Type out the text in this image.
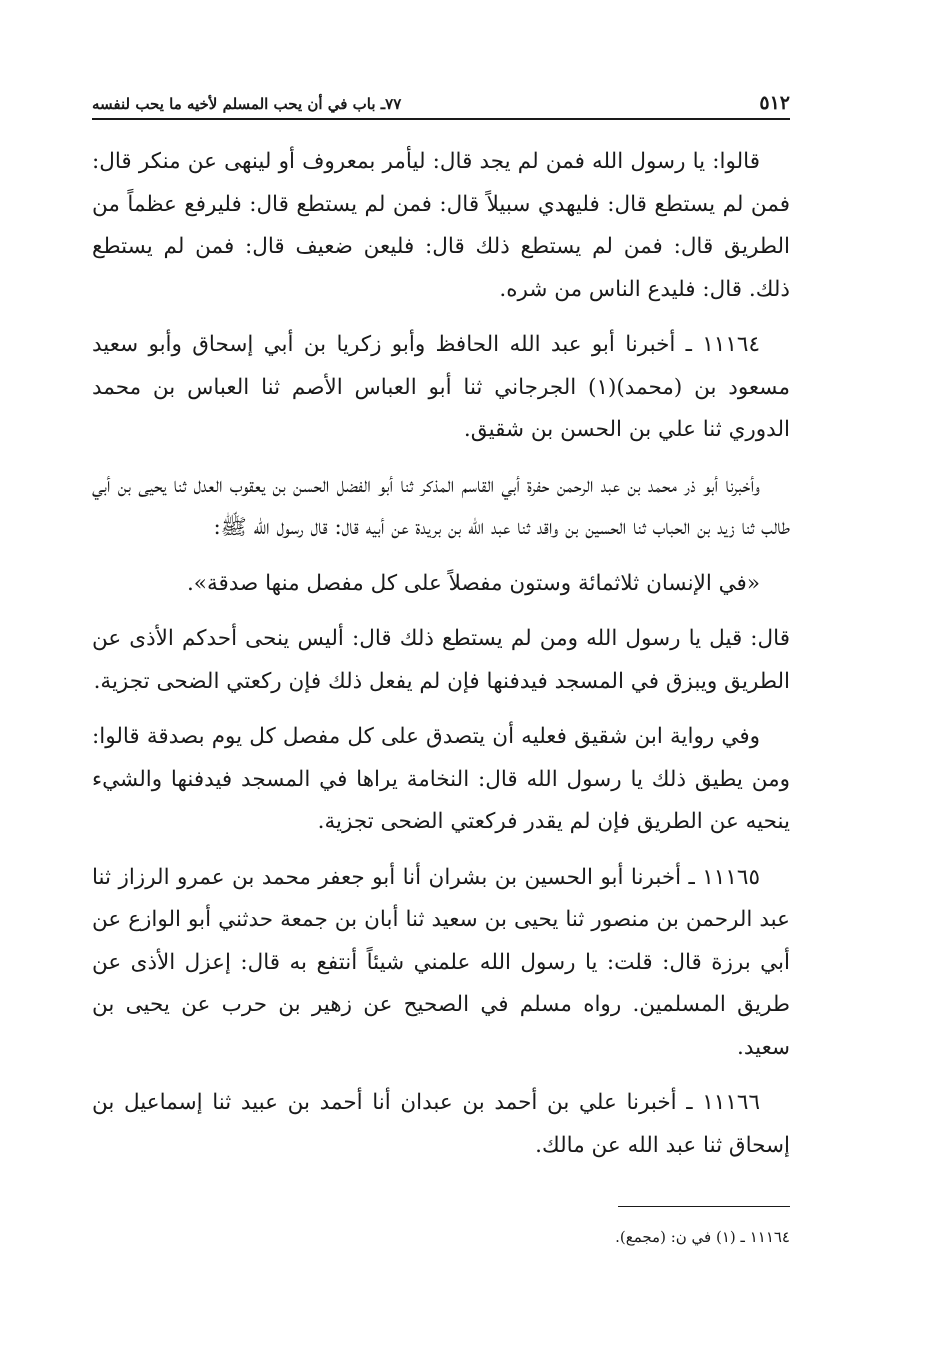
٥١٢
٧٧ـ باب في أن يحب المسلم لأخيه ما يحب لنفسه

قالوا: يا رسول الله فمن لم يجد قال: ليأمر بمعروف أو لينهى عن منكر قال: فمن لم يستطع قال: فليهدي سبيلاً قال: فمن لم يستطع قال: فليرفع عظماً من الطريق قال: فمن لم يستطع ذلك قال: فليعن ضعيف قال: فمن لم يستطع ذلك. قال: فليدع الناس من شره.

١١١٦٤ ـ أخبرنا أبو عبد الله الحافظ وأبو زكريا بن أبي إسحاق وأبو سعيد مسعود بن (محمد)(١) الجرجاني ثنا أبو العباس الأصم ثنا العباس بن محمد الدوري ثنا علي بن الحسن بن شقيق.

وأخبرنا أبو ذر محمد بن عبد الرحمن حفرة أبي القاسم المذكر ثنا أبو الفضل الحسن بن يعقوب العدل ثنا يحيى بن أبي طالب ثنا زيد بن الحباب ثنا الحسين بن واقد ثنا عبد الله بن بريدة عن أبيه قال: قال رسول الله ﷺ:

«في الإنسان ثلاثمائة وستون مفصلاً على كل مفصل منها صدقة».

قال: قيل يا رسول الله ومن لم يستطع ذلك قال: أليس ينحى أحدكم الأذى عن الطريق ويبزق في المسجد فيدفنها فإن لم يفعل ذلك فإن ركعتي الضحى تجزية.

وفي رواية ابن شقيق فعليه أن يتصدق على كل مفصل كل يوم بصدقة قالوا: ومن يطيق ذلك يا رسول الله قال: النخامة يراها في المسجد فيدفنها والشيء ينحيه عن الطريق فإن لم يقدر فركعتي الضحى تجزية.

١١١٦٥ ـ أخبرنا أبو الحسين بن بشران أنا أبو جعفر محمد بن عمرو الرزاز ثنا عبد الرحمن بن منصور ثنا يحيى بن سعيد ثنا أبان بن جمعة حدثني أبو الوازع عن أبي برزة قال: قلت: يا رسول الله علمني شيئاً أنتفع به قال: إعزل الأذى عن طريق المسلمين. رواه مسلم في الصحيح عن زهير بن حرب عن يحيى بن سعيد.

١١١٦٦ ـ أخبرنا علي بن أحمد بن عبدان أنا أحمد بن عبيد ثنا إسماعيل بن إسحاق ثنا عبد الله عن مالك.

١١١٦٤ ـ (١) في ن: (مجمع).
